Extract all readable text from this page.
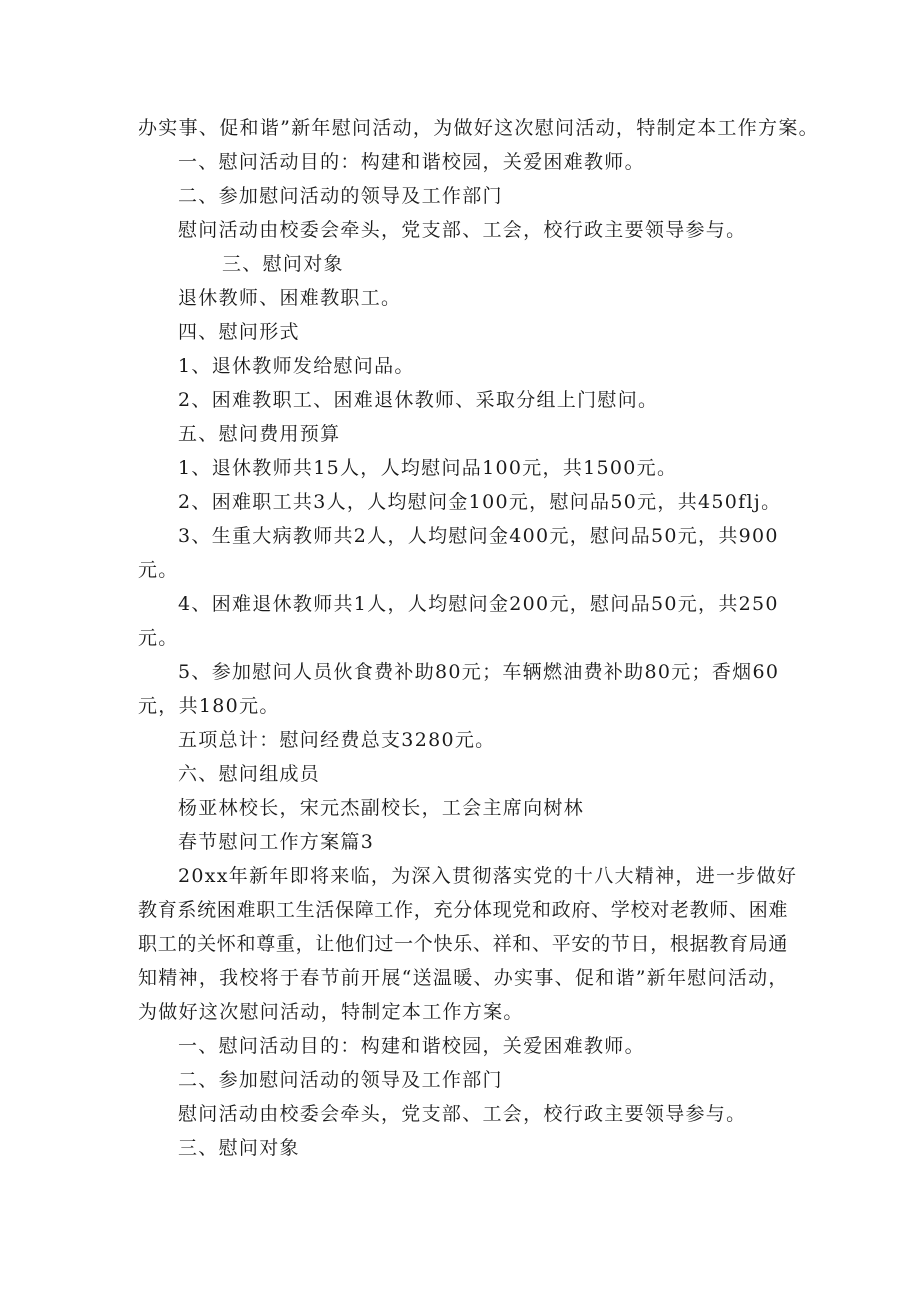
办实事、促和谐”新年慰问活动，为做好这次慰问活动，特制定本工作方案。
一、慰问活动目的：构建和谐校园，关爱困难教师。
二、参加慰问活动的领导及工作部门
慰问活动由校委会牵头，党支部、工会，校行政主要领导参与。
三、慰问对象
退休教师、困难教职工。
四、慰问形式
1、退休教师发给慰问品。
2、困难教职工、困难退休教师、采取分组上门慰问。
五、慰问费用预算
1、退休教师共15人，人均慰问品100元，共1500元。
2、困难职工共3人，人均慰问金100元，慰问品50元，共450flj。
3、生重大病教师共2人，人均慰问金400元，慰问品50元，共900
元。
4、困难退休教师共1人，人均慰问金200元，慰问品50元，共250
元。
5、参加慰问人员伙食费补助80元；车辆燃油费补助80元；香烟60
元，共180元。
五项总计：慰问经费总支3280元。
六、慰问组成员
杨亚林校长，宋元杰副校长，工会主席向树林
春节慰问工作方案篇3
20xx年新年即将来临，为深入贯彻落实党的十八大精神，进一步做好
教育系统困难职工生活保障工作，充分体现党和政府、学校对老教师、困难
职工的关怀和尊重，让他们过一个快乐、祥和、平安的节日，根据教育局通
知精神，我校将于春节前开展“送温暖、办实事、促和谐”新年慰问活动，
为做好这次慰问活动，特制定本工作方案。
一、慰问活动目的：构建和谐校园，关爱困难教师。
二、参加慰问活动的领导及工作部门
慰问活动由校委会牵头，党支部、工会，校行政主要领导参与。
三、慰问对象
